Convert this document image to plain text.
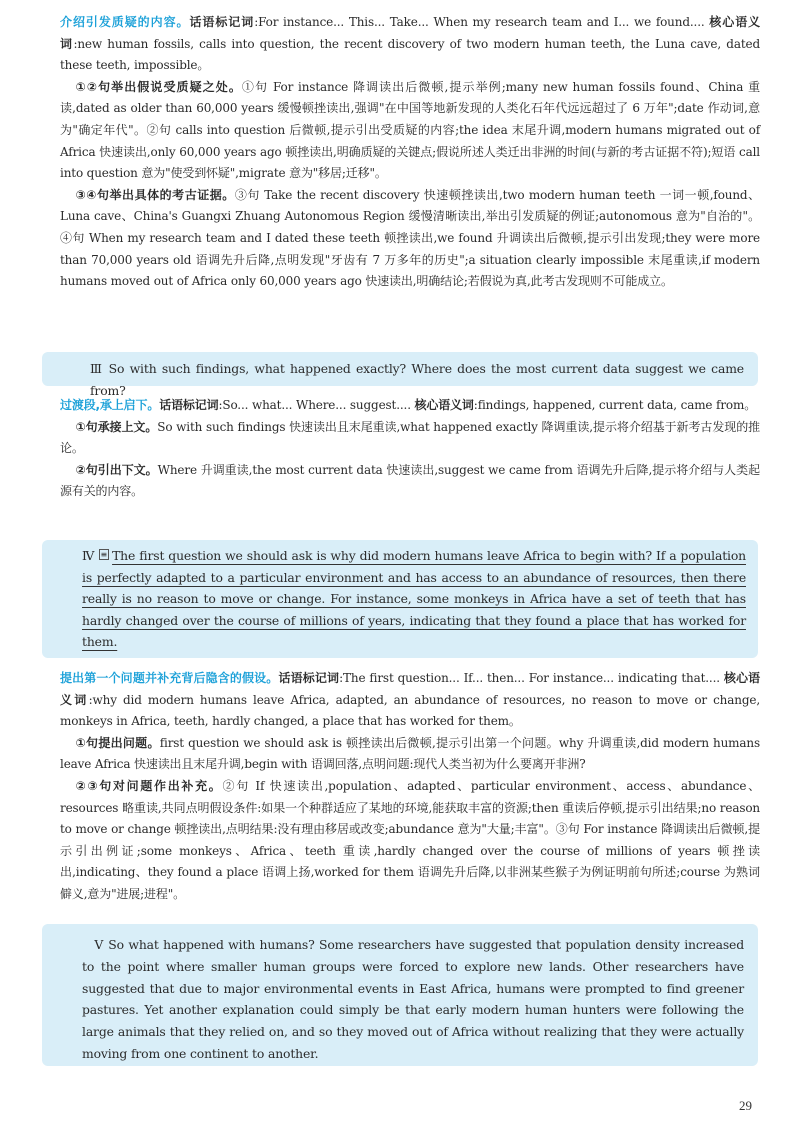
介绍引发质疑的内容。话语标记词:For instance... This... Take... When my research team and I... we found.... 核心语义词:new human fossils, calls into question, the recent discovery of two modern human teeth, the Luna cave, dated these teeth, impossible。

①②句举出假说受质疑之处。①句 For instance 降调读出后微顿,提示举例;many new human fossils found、China 重读,dated as older than 60,000 years 缓慢顿挫读出,强调"在中国等地新发现的人类化石年代远远超过了 6 万年";date 作动词,意为"确定年代"。②句 calls into question 后微顿,提示引出受质疑的内容;the idea 末尾升调,modern humans migrated out of Africa 快速读出,only 60,000 years ago 顿挫读出,明确质疑的关键点;假说所述人类迁出非洲的时间(与新的考古证据不符);短语 call into question 意为"使受到怀疑",migrate 意为"移居;迁移"。

③④句举出具体的考古证据。③句 Take the recent discovery 快速顿挫读出,two modern human teeth 一词一顿,found、Luna cave、China's Guangxi Zhuang Autonomous Region 缓慢清晰读出,举出引发质疑的例证;autonomous 意为"自治的"。④句 When my research team and I dated these teeth 顿挫读出,we found 升调读出后微顿,提示引出发现;they were more than 70,000 years old 语调先升后降,点明发现"牙齿有 7 万多年的历史";a situation clearly impossible 末尾重读,if modern humans moved out of Africa only 60,000 years ago 快速读出,明确结论;若假说为真,此考古发现则不可能成立。

Ⅲ So with such findings, what happened exactly? Where does the most current data suggest we came from?

过渡段,承上启下。话语标记词:So... what... Where... suggest.... 核心语义词:findings, happened, current data, came from。

①句承接上文。So with such findings 快速读出且末尾重读,what happened exactly 降调重读,提示将介绍基于新考古发现的推论。

②句引出下文。Where 升调重读,the most current data 快速读出,suggest we came from 语调先升后降,提示将介绍与人类起源有关的内容。

Ⅳ ≡ The first question we should ask is why did modern humans leave Africa to begin with? If a population is perfectly adapted to a particular environment and has access to an abundance of resources, then there really is no reason to move or change. For instance, some monkeys in Africa have a set of teeth that has hardly changed over the course of millions of years, indicating that they found a place that has worked for them.

提出第一个问题并补充背后隐含的假设。话语标记词:The first question... If... then... For instance... indicating that.... 核心语义词:why did modern humans leave Africa, adapted, an abundance of resources, no reason to move or change, monkeys in Africa, teeth, hardly changed, a place that has worked for them。

①句提出问题。first question we should ask is 顿挫读出后微顿,提示引出第一个问题。why 升调重读,did modern humans leave Africa 快速读出且末尾升调,begin with 语调回落,点明问题:现代人类当初为什么要离开非洲?

②③句对问题作出补充。②句 If 快速读出,population、adapted、particular environment、access、abundance、resources 略重读,共同点明假设条件:如果一个种群适应了某地的环境,能获取丰富的资源;then 重读后停顿,提示引出结果;no reason to move or change 顿挫读出,点明结果:没有理由移居或改变;abundance 意为"大量;丰富"。③句 For instance 降调读出后微顿,提示引出例证;some monkeys、Africa、teeth 重读,hardly changed over the course of millions of years 顿挫读出,indicating、they found a place 语调上扬,worked for them 语调先升后降,以非洲某些猴子为例证明前句所述;course 为熟词僻义,意为"进展;进程"。

Ⅴ So what happened with humans? Some researchers have suggested that population density increased to the point where smaller human groups were forced to explore new lands. Other researchers have suggested that due to major environmental events in East Africa, humans were prompted to find greener pastures. Yet another explanation could simply be that early modern human hunters were following the large animals that they relied on, and so they moved out of Africa without realizing that they were actually moving from one continent to another.

29
